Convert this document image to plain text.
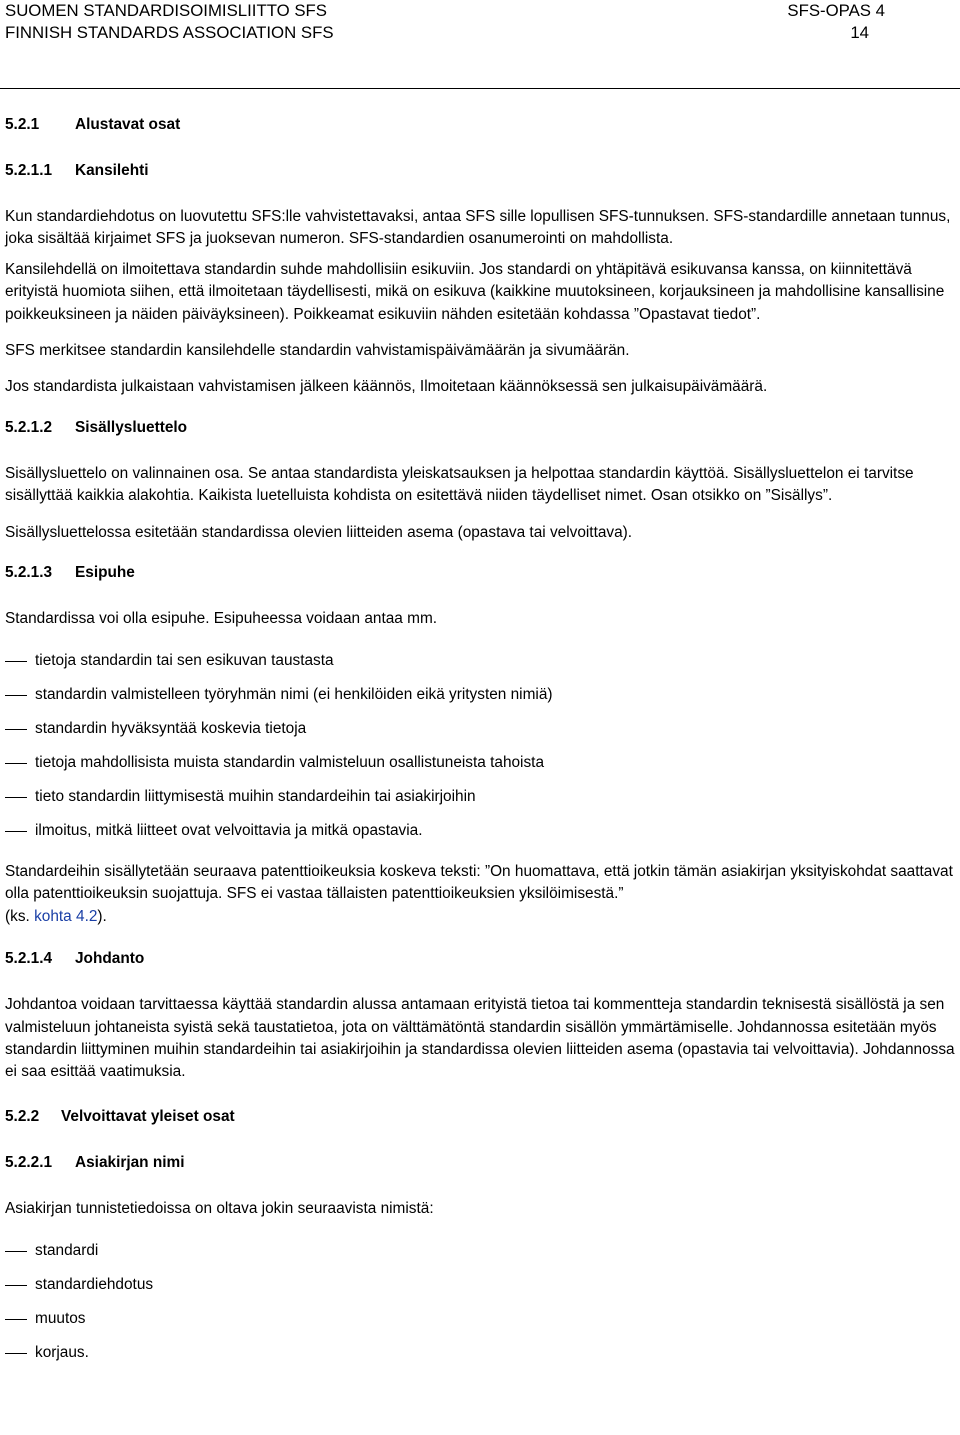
SUOMEN STANDARDISOIMISLIITTO SFS	SFS-OPAS 4
FINNISH STANDARDS ASSOCIATION SFS	14
5.2.1 Alustavat osat
5.2.1.1 Kansilehti

Kun standardiehdotus on luovutettu SFS:lle vahvistettavaksi, antaa SFS sille lopullisen SFS-tunnuksen. SFS-standardille annetaan tunnus, joka sisältää kirjaimet SFS ja juoksevan numeron. SFS-standardien osanumerointi on mahdollista.

Kansilehdellä on ilmoitettava standardin suhde mahdollisiin esikuviin. Jos standardi on yhtäpitävä esikuvansa kanssa, on kiinnitettävä erityistä huomiota siihen, että ilmoitetaan täydellisesti, mikä on esikuva (kaikkine muutoksineen, korjauksineen ja mahdollisine kansallisine poikkeuksineen ja näiden päiväyksineen). Poikkeamat esikuviin nähden esitetään kohdassa ”Opastavat tiedot”.

SFS merkitsee standardin kansilehdelle standardin vahvistamispäivämäärän ja sivumäärän.

Jos standardista julkaistaan vahvistamisen jälkeen käännös, Ilmoitetaan käännöksessä sen julkaisupäivämäärä.

5.2.1.2 Sisällysluettelo

Sisällysluettelo on valinnainen osa. Se antaa standardista yleiskatsauksen ja helpottaa standardin käyttöä. Sisällysluettelon ei tarvitse sisällyttää kaikkia alakohtia. Kaikista luetelluista kohdista on esitettävä niiden täydelliset nimet. Osan otsikko on ”Sisällys”.

Sisällysluettelossa esitetään standardissa olevien liitteiden asema (opastava tai velvoittava).

5.2.1.3 Esipuhe

Standardissa voi olla esipuhe. Esipuheessa voidaan antaa mm.

tietoja standardin tai sen esikuvan taustasta
standardin valmistelleen työryhmän nimi (ei henkilöiden eikä yritysten nimiä)
standardin hyväksyntää koskevia tietoja
tietoja mahdollisista muista standardin valmisteluun osallistuneista tahoista
tieto standardin liittymisestä muihin standardeihin tai asiakirjoihin
ilmoitus, mitkä liitteet ovat velvoittavia ja mitkä opastavia.

Standardeihin sisällytetään seuraava patenttioikeuksia koskeva teksti: ”On huomattava, että jotkin tämän asiakirjan yksityiskohdat saattavat olla patenttioikeuksin suojattuja. SFS ei vastaa tällaisten patenttioikeuksien yksilöimisestä.”
(ks. kohta 4.2).

5.2.1.4 Johdanto

Johdantoa voidaan tarvittaessa käyttää standardin alussa antamaan erityistä tietoa tai kommentteja standardin teknisestä sisällöstä ja sen valmisteluun johtaneista syistä sekä taustatietoa, jota on välttämätöntä standardin sisällön ymmärtämiselle. Johdannossa esitetään myös standardin liittyminen muihin standardeihin tai asiakirjoihin ja standardissa olevien liitteiden asema (opastavia tai velvoittavia). Johdannossa ei saa esittää vaatimuksia.

5.2.2 Velvoittavat yleiset osat
5.2.2.1 Asiakirjan nimi

Asiakirjan tunnistetiedoissa on oltava jokin seuraavista nimistä:

standardi
standardiehdotus
muutos
korjaus.
